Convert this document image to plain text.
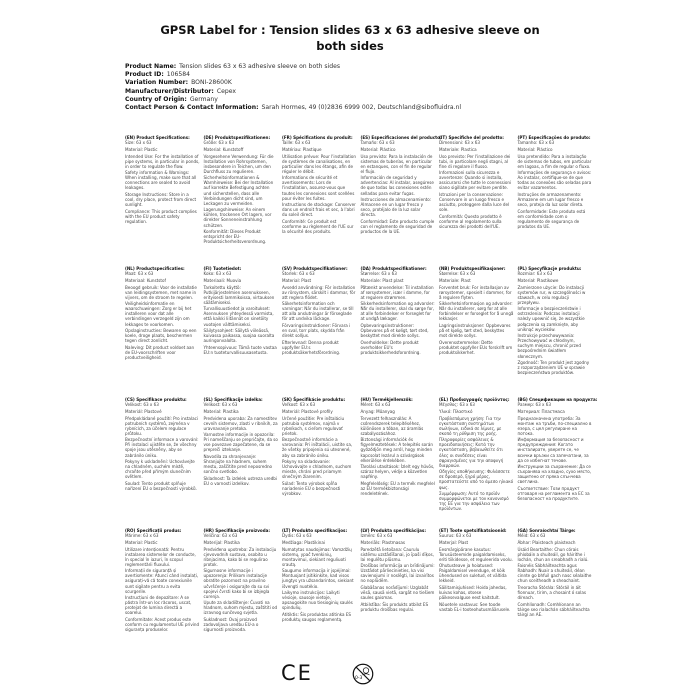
GPSR Label for : Tension slides 63 x 63 adhesive sleeve on both sides
Product Name: Tension slides 63 x 63 adhesive sleeve on both sides
Product ID: 106584
Variation Number: BONI-28600K
Manufacturer/Distributor: Cepex
Country of Origin: Germany
Contact Person & Contact Information: Sarah Hormes, 49 (0)2836 6999 002, Deutschland@sibofluidra.nl
(EN) Product Specifications:
Size: 63 x 63

Material: Plastic

Intended Use: For the installation of pipe systems, in particular in ponds, in order to regulate the flow.

Safety information & Warnings: When installing, make sure that all connections are sealed to avoid leakages.

Storage Instructions: Store in a cool, dry place, protect from direct sunlight.

Compliance: This product complies with the EU product safety regulation.

(DE) Produktspezifikationen:
Größe: 63 x 63

Material: Kunststoff

Vorgesehene Verwendung: Für die Installation von Rohrsystemen, insbesondere in Teichen, um den Durchfluss zu regulieren.

Sicherheitsinformationen & Warnhinweise: Bei der Installation auf korrekte Befestigung achten und sicherstellen, dass alle Verbindungen dicht sind, um Leckagen zu vermeiden.

Lagerungshinweise: An einem kühlen, trockenen Ort lagern, vor direkter Sonneneinstrahlung schützen.

Konformität: Dieses Produkt entspricht der EU-Produktsicherheitsverordnung.

(FR) Spécifications du produit:
Taille: 63 x 63

Matériau: Plastique

Utilisation prévue: Pour l'installation de systèmes de canalisations, en particulier dans les étangs, afin de réguler le débit.

Informations de sécurité et avertissements: Lors de l'installation, assurez-vous que toutes les connexions sont scellées pour éviter les fuites.

Instructions de stockage: Conserver dans un endroit frais et sec, à l'abri du soleil direct.

Conformité: Ce produit est conforme au règlement de l'UE sur la sécurité des produits.

(ES) Especificaciones del producto:
Tamaño: 63 x 63

Material: Plástico

Uso previsto: Para la instalación de sistemas de tuberías, en particular en estanques, con el fin de regular el flujo.

Información de seguridad y advertencias: Al instalar, asegúrese de que todas las conexiones estén selladas para evitar fugas.

Instrucciones de almacenamiento: Almacene en un lugar fresco y seco, protéjalo de la luz solar directa.

Conformidad: Este producto cumple con el reglamento de seguridad de productos de la UE.

(IT) Specifiche del prodotto:
Dimensioni: 63 x 63

Materiale: Plastica

Uso previsto: Per l'installazione dei tubi, in particolare negli stagni, al fine di regolare il flusso.

Informazioni sulla sicurezza e avvertenze: Quando si installa, assicurarsi che tutte le connessioni siano sigillate per evitare perdite.

Istruzioni per la conservazione: Conservare in un luogo fresco e asciutto, proteggere dalla luce del sole.

Conformità: Questo prodotto è conforme al regolamento sulla sicurezza dei prodotti dell'UE.

(PT) Especificações do produto:
Tamanho: 63 x 63

Material: Plástico

Uso pretendido: Para a instalação de sistemas de tubos, em particular em lagoas, a fim de regular o fluxo.

Informações de segurança e avisos: Ao instalar, certifique-se de que todas as conexões são seladas para evitar vazamentos.

Instruções de armazenamento: Armazene em um lugar fresco e seco, proteja da luz solar direta.

Conformidade: Este produto está em conformidade com o regulamento de segurança de produtos da UE.

(NL) Productspecificaties:
Maat: 63 x 63

Materiaal: Kunststof

Beoogd gebruik: Voor de installatie van leidingsystemen, met name in vijvers, om de stroom te regelen.

Veiligheidsinformatie en waarschuwingen: Zorg er bij het installeren voor dat alle verbindingen verzegeld zijn om lekkages te voorkomen.

Opslaginstructies: Bewaren op een koele, droge plaats, beschermen tegen direct zonlicht.

Naleving: Dit product voldoet aan de EU-voorschriften voor productveiligheid.

(FI) Tuotetiedot:
Koko: 63 x 63

Materiaali: Muovia

Tarkoitettu käyttö: Putkijärjestelmien asennukseen, erityisesti lammikoissa, virtauksen säätämiseksi.

Turvallisuustiedot ja varoitukset: Asennuksen yhteydessä varmista, että kaikki liitännät on sinetöity vuotojen välttämiseksi.

Säilytysohjeet: Säilytä viileässä, kuivassa paikassa, suojaa suoralta auringonvalolta.

Yhteensopivuus: Tämä tuote vastaa EU:n tuoteturvallisuusasetusta.

(SV) Produktspecifikationer:
Storlek: 63 x 63

Material: Plast

Avsedd användning: För installation av rörsystem, särskilt i dammar, för att reglera flödet.

Säkerhetsinformation och varningar: När du installerar, se till att alla anslutningar är förseglade för att undvika läckage.

Förvaringsinstruktioner: Förvara i en sval, torr plats, skydda från direkt solljus.

Efterlevnad: Denna produkt uppfyller EU:s produktsäkerhetsförordning.

(DA) Produktspecifikationer:
Størrelse: 63 x 63

Materiale: Plast plast

Påtænkt anvendelse: Til installation af rørsystemer, især i damme, for at regulere strømmen.

Sikkerhedsinformation og advarsler: Når du installerer, skal du sørge for, at alle forbindelser er forseglet for at undgå lækager.

Opbevaringsinstruktioner: Opbevares på et køligt, tørt sted, beskyttet mod direkte sollys.

Overholdelse: Dette produkt overholder EU's produktsikkerhedsforordning.

(NB) Produktspesifikasjoner:
Størrelse: 63 x 63

Materiale: Plast

Forventet bruk: For installasjon av rørsystemer, spesielt i dammer, for å regulere flyten.

Sikkerhetsinformasjon og advarsler: Når du installerer, sørg for at alle forbindelser er forseglet for å unngå lekkasjer.

Lagringsinstruksjoner: Oppbevares på et kjølig, tørt sted, beskyttes mot direkte sollys.

Overensstemmelse: Dette produktet oppfyller EUs forskrift om produktsikkerhet.

(PL) Specyfikacje produktu:
Rozmiar: 63 x 63

Materiał: Plastikowe

Zamierzone użycie: Do instalacji systemów rur, w szczególności w stawach, w celu regulacji przepływu.

Informacje o bezpieczeństwie i ostrzeżenia: Podczas instalacji należy upewnić się, że wszystkie połączenia są zamknięte, aby uniknąć wycieków.

Instrukcje przechowywania: Przechowywać w chłodnym, suchym miejscu, chronić przed bezpośrednim światłem słonecznym.

Zgodność: Ten produkt jest zgodny z rozporządzeniem UE w sprawie bezpieczeństwa produktów.

(CS) Specifikace produktu:
Velikost: 63 x 63

Materiál: Plastové

Předpokládané použití: Pro instalaci potrubních systémů, zejména v rybnících, za účelem regulace průtoku.

Bezpečnostní informace a varování: Při instalaci ujistěte se, že všechny spoje jsou utěsněny, aby se zabránilo úniku.

Pokyny k uskladnění: Uchovávejte na chladném, suchém místě, chraňte před přímým slunečním světlem.

Soulad: Tento produkt splňuje nařízení EU o bezpečnosti výrobků.

(SL) Specifikacije izdelka:
Velikost: 63 x 63

Material: Plastika

Predvidena uporaba: Za namestitev cevnih sistemov, zlasti v ribnikih, za uravnavanje pretoka.

Varnostne informacije in opozorila: Pri nameščanju se prepričajte, da so vse povezave zapečatene, da se prepreči iztekanje.

Navodila za shranjevanje: Shranjujte na hladnem, suhem mestu, zaščitite pred neposredno sončno svetlobo.

Skladnost: Ta izdelek ustreza uredbi EU o varnosti izdelkov.

(SK) Špecifikácie produktu:
Veľkosť: 63 x 63

Materiál: Plastové profily

Určené použitie: Pre inštaláciu potrubia systémov, najmä v rybníkoch, s cieľom regulovať prietok.

Bezpečnostné informácie a varovania: Pri inštalácii, uistite sa, že všetky pripojenia sú utesnené, aby sa zabránilo úniku.

Pokyny na skladovanie: Uchovávajte v chladnom, suchom mieste, chráni pred priamym slnečným žiarením.

Súlad: Tento výrobok spĺňa nariadenie EÚ o bezpečnosti výrobkov.

(HU) Termékjellemzők:
Méret: 63 x 63

Anyag: Műanyag

Tervezett felhasználás: A csőrendszerek telepítéséhez, különösen a tóban, az áramlás szabályozásához.

Biztonsági információk és figyelmeztetések: A telepítés során győződjön meg arról, hogy minden kapcsolat lezárul a szivárgások elkerülése érdekében.

Tárolási utasítások: Ízlelt egy hűvös, száraz helyen, védje a közvetlen napfény.

Megfelelőség: EU a termék megfelel az EU termékbiztonsági rendeletének.

(EL) Προδιαγραφές προϊόντος:
Μέγεθος: 63 x 63

Υλικό: Πλαστικό

Προβλεπόμενη χρήση: Για την εγκατάσταση συστημάτων σωλήνων, ειδικά σε λίμνες, με σκοπό τη ρύθμιση της ροής.

Πληροφορίες ασφάλειας & προειδοποιήσεις: Κατά την εγκατάσταση, βεβαιωθείτε ότι όλες οι συνδέσεις είναι σφραγισμένες για την αποφυγή διαρροών.

Οδηγίες αποθήκευσης: Φυλάσσετε σε δροσερό, ξηρό μέρος, προστατεύστε από το άμεσο ηλιακό φως.

Συμμόρφωση: Αυτό το προϊόν συμμορφώνεται με τον κανονισμό της ΕΕ για την ασφάλεια των προϊόντων.

(BG) Спецификации на продукта:
Размер: 63 x 63

Материал: Пластмаса

Предназначена употреба: За монтаж на тръби, по-специално в езера, с цел регулиране на потока.

Информация за безопасност и предупреждения: Когато инсталирате, уверете се, че всички връзки са запечатани, за да се избегнат течове.

Инструкции за съхранение: Да се съхранява на хладно, сухо място, защитено от пряка слънчева светлина.

Съответствие: Този продукт отговаря на регламента на ЕС за безопасност на продуктите.

(RO) Specificații produs:
Mărime: 63 x 63

Material: Plastic

Utilizare intenționată: Pentru instalarea sistemelor de conducte, în special în iazuri, în scopul reglementării fluxului.

Informații de siguranță și avertismente: Atunci când instalați, asigurați-vă că toate conexiunile sunt sigilate pentru a evita scurgerile.

Instrucțiuni de depozitare: A se păstra într-un loc răcoros, uscat, protejat de lumina directă a soarelui.

Conformitate: Acest produs este conform cu regulamentul UE privind siguranța produselor.

(HR) Specifikacije proizvoda:
Veličina: 63 x 63

Materijal: Plastika

Predviđena upotreba: Za instalaciju cjevovodnih sustava, osobito u ribnjacima, kako bi se regulirao protok.

Sigurnosne informacije i upozorenja: Prilikom instalacije obratite pozornost na pravilno učvršćenje i osigurajte da su svi spojevi čvrsti kako bi se izbjegla curenja.

Upute za skladištenje: Čuvati na hladnom, suhom mjestu, zaštititi od izravnog sunčevog svjetla.

Sukladnost: Ovaj proizvod zadovoljava uredbu EU-a o sigurnosti proizvoda.

(LT) Produkto specifikacijos:
Dydis: 63 x 63

Medžiaga: Plastikinai

Numatytas naudojimas: Vamzdžių sistemų, ypač tvenkinių, montavimui, siekiant reguliuoti srautą.

Saugumo informacija ir įspėjimai: Montuojant įsitikinkite, kad visos jungtys yra užsandarintos, siekiant išvengti nuotėkio.

Laikymo instrukcijos: Laikyti vėsioje, sausoje vietoje, apsaugokite nuo tiesioginių saulės spindulių.

Atitiktis: Šis produktas atitinka ES produktų saugos reglamentą.

(LV) Produkta specifikācijas:
Izmērs: 63 x 63

Materiāls: Plastmasas

Paredzētā lietošana: Caurulu sistēmu uzstādīšanai, jo īpaši dīķos, lai regulētu plūsmu.

Drošības informācija un brīdinājumi: Uzstādot pārliecinieties, ka visi savienojumi ir noslēgti, lai izvairītos no noplūdēm.

Glabāšanas norādījumi: Uzglabāt vēsā, sausā vietā, sargāt no tiešiem saules gaismas.

Atbilstība: Šis produkts atbilst ES produktu drošības regulai.

(ET) Toote spetsifikatsioonid:
Suurus: 63 x 63

Materjal: Plast

Eesmärgipärane kasutus: Torusüsteemide paigaldamiseks, eriti tiikidesse, et reguleerida voolu.

Ohutusteave ja hoiatused: Paigaldamisel veenduge, et kõik ühendused on suletud, et vältida lekkeid.

Säilitamisjuhised: Hoida jahedas, kuivas kohas, otsese päikesevalguse eest kaitstult.

Nõuetele vastavus: See toode vastab EL-i tooteohutusmäärusele.

(GA) Sonraíochtaí Táirge:
Méid: 63 x 63

Ábhar: Plaisteach plaisteach

Úsáid Beartaithe: Chun córais phíobáin a shuiteáil, go háirithe i lochán, chun an sreabhadh a rialú.

Faisnéis Sábháilteachta agus Rabhadh: Nuair a shuiteáil, déan cinnte go bhfuil gach nasc séalaithe chun sceitheadh a sheachaint.

Treoracha Stórála: Stóráil in áit fionnuar, tirim, a chosaint ó solas díreach.

Comhlíonadh: Comhlíonann an táirge seo rialachán sábháilteachta táirgí an AE.

CE	0-3
